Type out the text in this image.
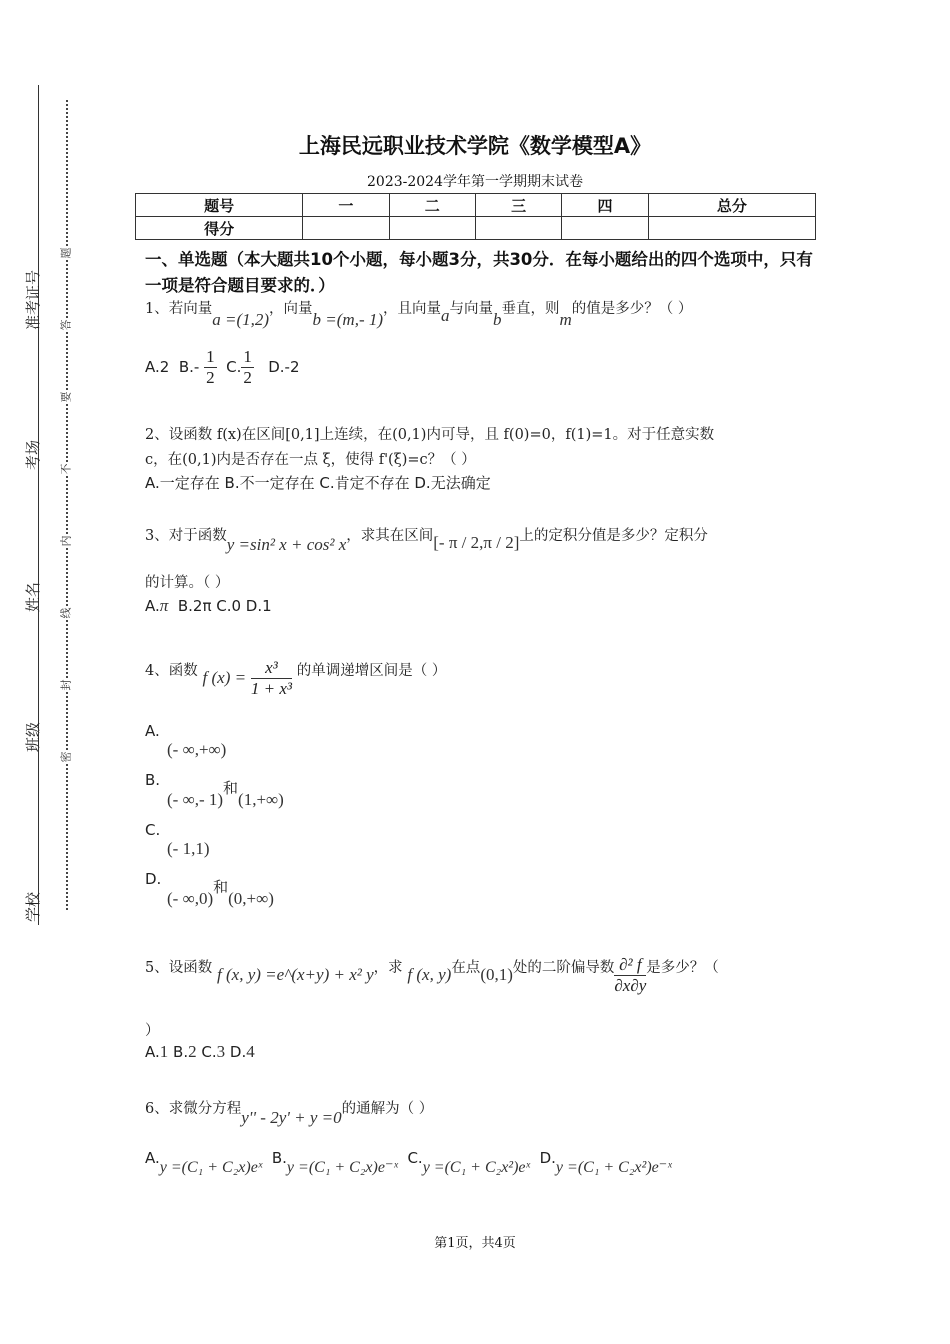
准考证号
考场
姓名
班级
学校
题
答
要
不
内
线
封
密
上海民远职业技术学院《数学模型A》
2023-2024学年第一学期期末试卷
题号	一	二	三	四	总分
得分					
一、单选题（本大题共10个小题，每小题3分，共30分．在每小题给出的四个选项中，只有一项是符合题目要求的．）
1、若向量a =(1,2)，向量b =(m,- 1)，且向量a与向量b垂直，则m的值是多少？（ ）
A.2 $B.- \frac{1}{2} C$. $\frac{1}{2} D.-2$
2、设函数 f(x)在区间[0,1]上连续，在(0,1)内可导，且 f(0)=0，f(1)=1。对于任意实数
c，在(0,1)内是否存在一点 ξ，使得 f'(ξ)=c？（ ）
A.一定存在 B.不一定存在 C.肯定不存在 D.无法确定
3、对于函数y =sin² x + cos² x，求其在区间[- π / 2,π / 2]上的定积分值是多少？定积分
的计算。（ ）
A.π B.2π C.0 D.1
4、函数 f $(x) = \frac{\text{x³}}{\text{1 + x³}}$ 的单调递增区间是（ ）
A.
(- ∞,+∞)
B.
(- ∞,- 1)和(1,+∞)
C.
(- 1,1)
D.
(- ∞,0)和(0,+∞)
5、设函数 f (x, y) =e^(x+y) + x² y，求 f (x, y)在点(0,1)处的二阶偏导数 $\frac{\text{∂² f}}{\partial x\partial y}$ 是多少？（
）
A.1 B.2 C.3 D.4
6、求微分方程y'' - 2y' + y =0的通解为（ ）
A.y =(C₁ + C₂x)eˣ  B.y =(C₁ + C₂x)e⁻ˣ  C.y =(C₁ + C₂x²)eˣ  D.y =(C₁ + C₂x²)e⁻ˣ
第1页，共4页
